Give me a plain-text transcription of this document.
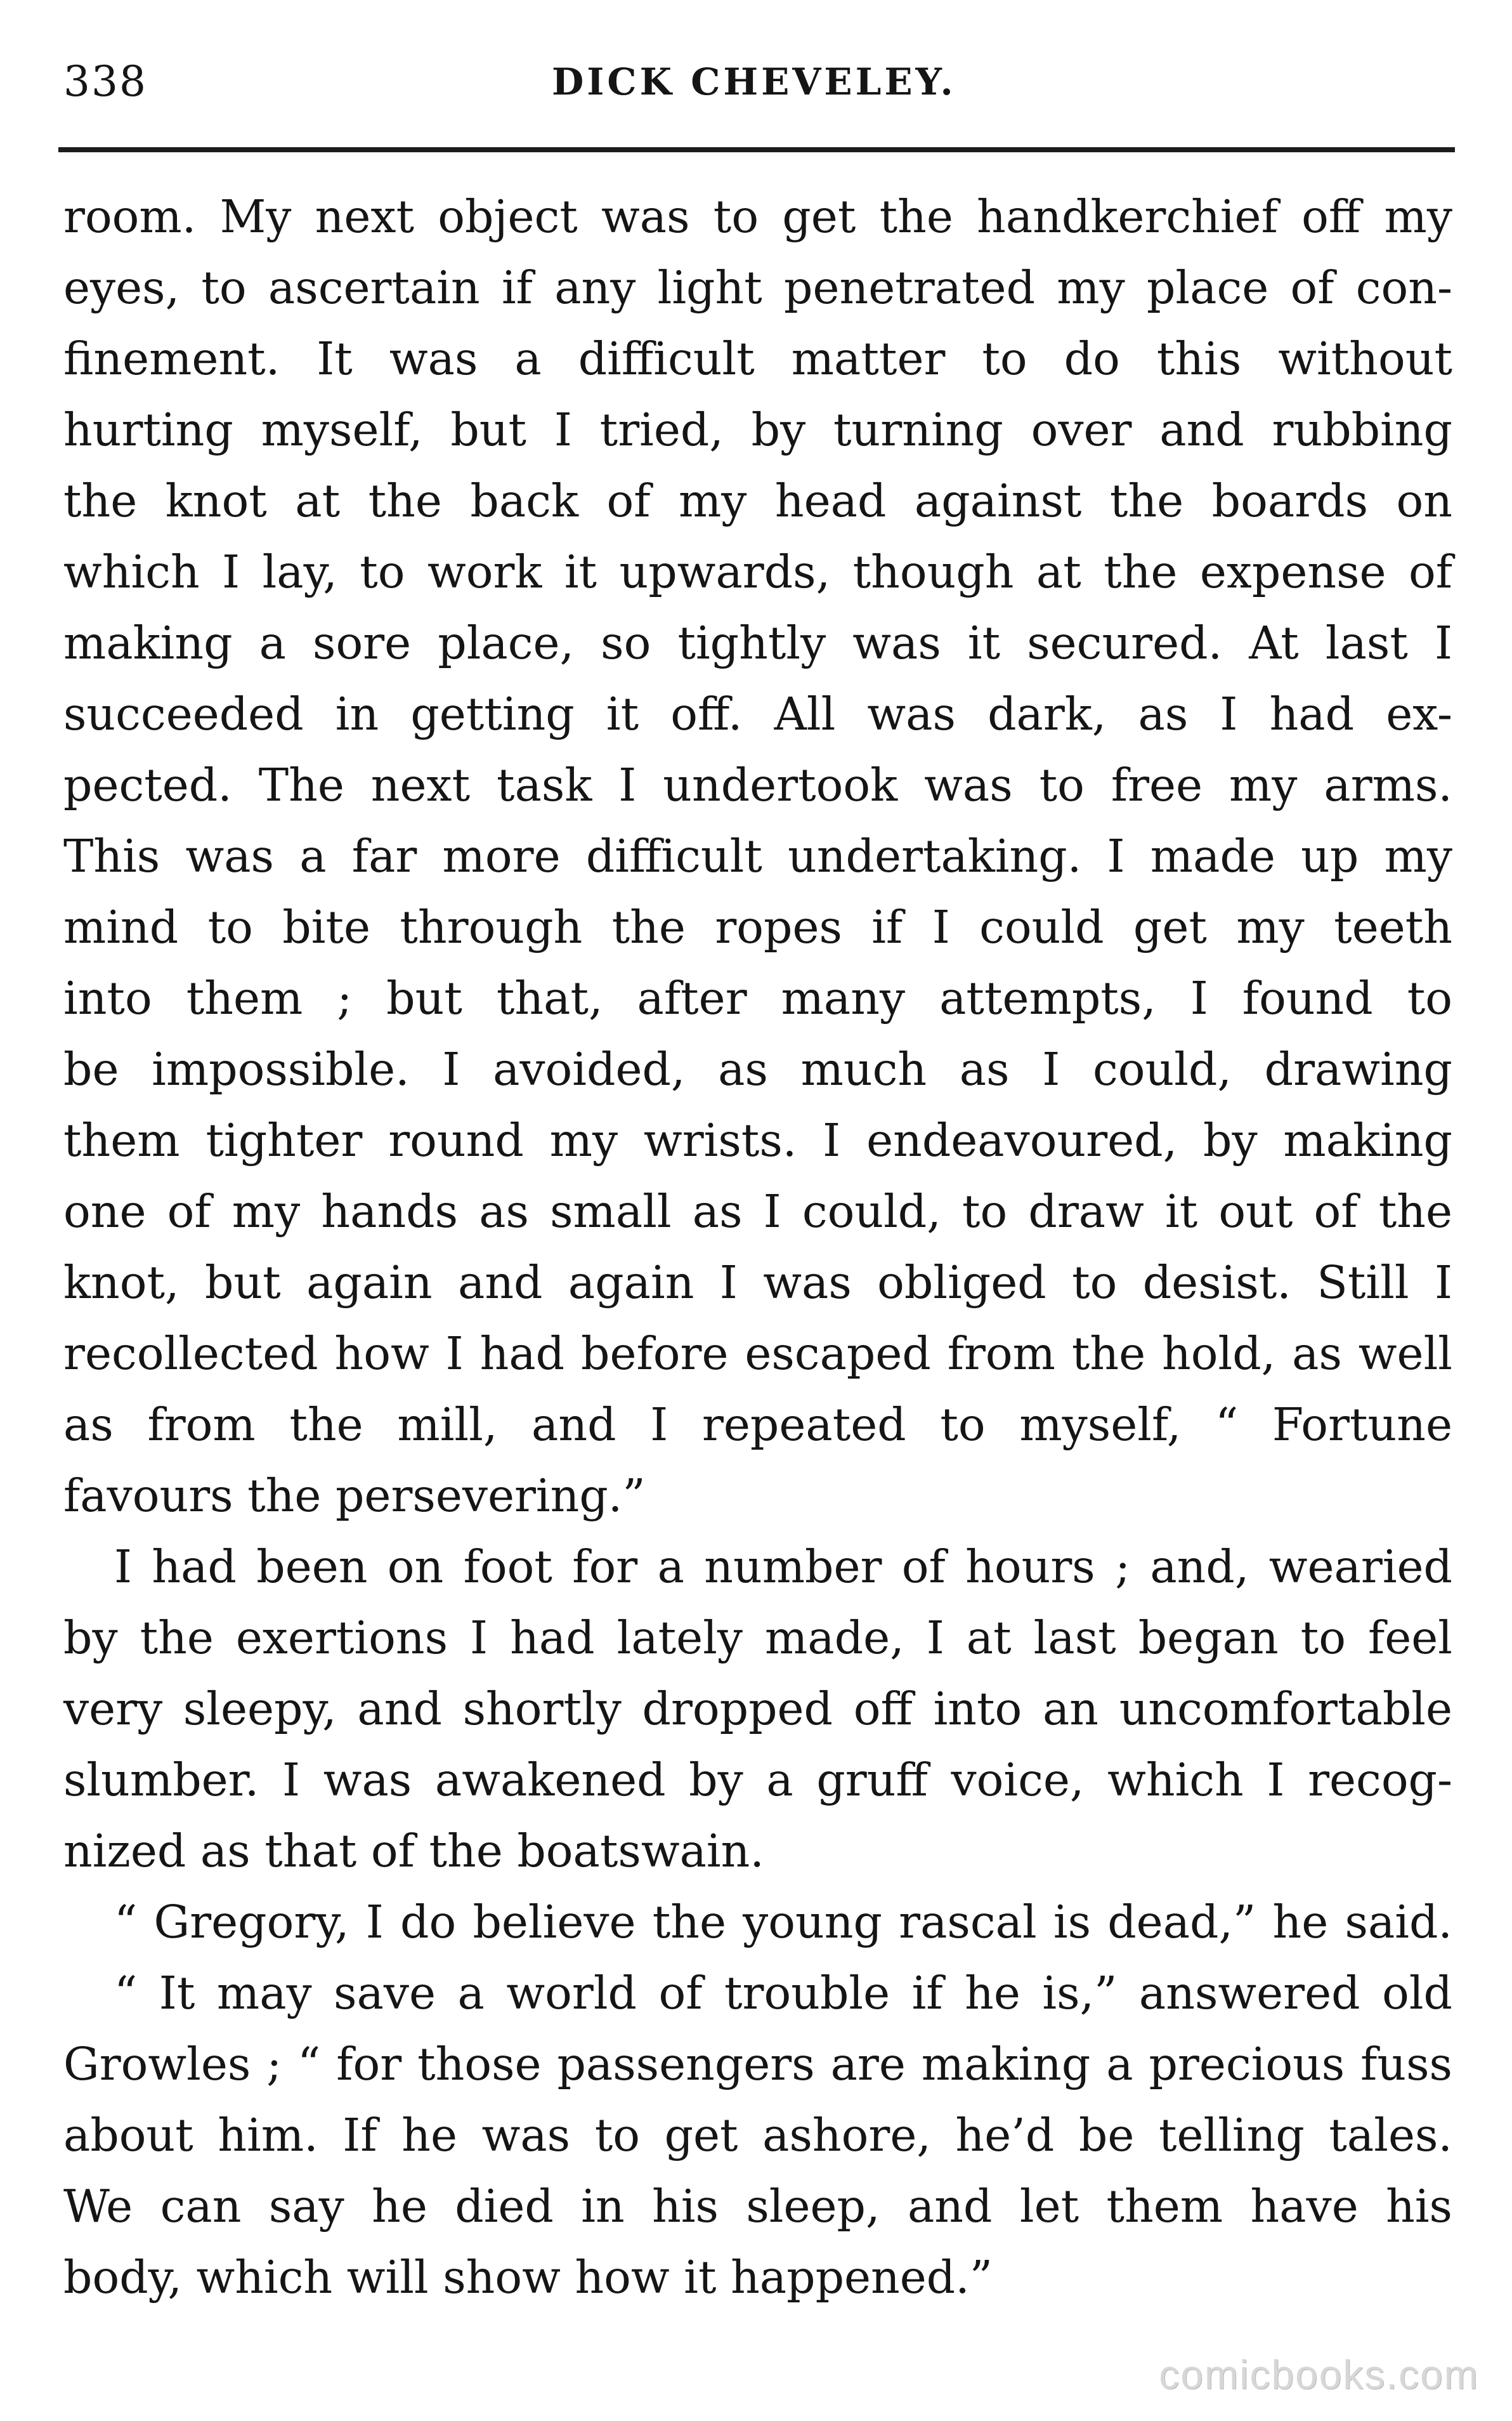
338	DICK CHEVELEY.
room. My next object was to get the handkerchief off my
eyes, to ascertain if any light penetrated my place of con-
finement. It was a difficult matter to do this without
hurting myself, but I tried, by turning over and rubbing
the knot at the back of my head against the boards on
which I lay, to work it upwards, though at the expense of
making a sore place, so tightly was it secured. At last I
succeeded in getting it off. All was dark, as I had ex-
pected. The next task I undertook was to free my arms.
This was a far more difficult undertaking. I made up my
mind to bite through the ropes if I could get my teeth
into them ; but that, after many attempts, I found to
be impossible. I avoided, as much as I could, drawing
them tighter round my wrists. I endeavoured, by making
one of my hands as small as I could, to draw it out of the
knot, but again and again I was obliged to desist. Still I
recollected how I had before escaped from the hold, as well
as from the mill, and I repeated to myself, “ Fortune
favours the persevering.”
I had been on foot for a number of hours ; and, wearied
by the exertions I had lately made, I at last began to feel
very sleepy, and shortly dropped off into an uncomfortable
slumber. I was awakened by a gruff voice, which I recog-
nized as that of the boatswain.
“ Gregory, I do believe the young rascal is dead,” he said.
“ It may save a world of trouble if he is,” answered old
Growles ; “ for those passengers are making a precious fuss
about him. If he was to get ashore, he’d be telling tales.
We can say he died in his sleep, and let them have his
body, which will show how it happened.”
comicbooks.com
